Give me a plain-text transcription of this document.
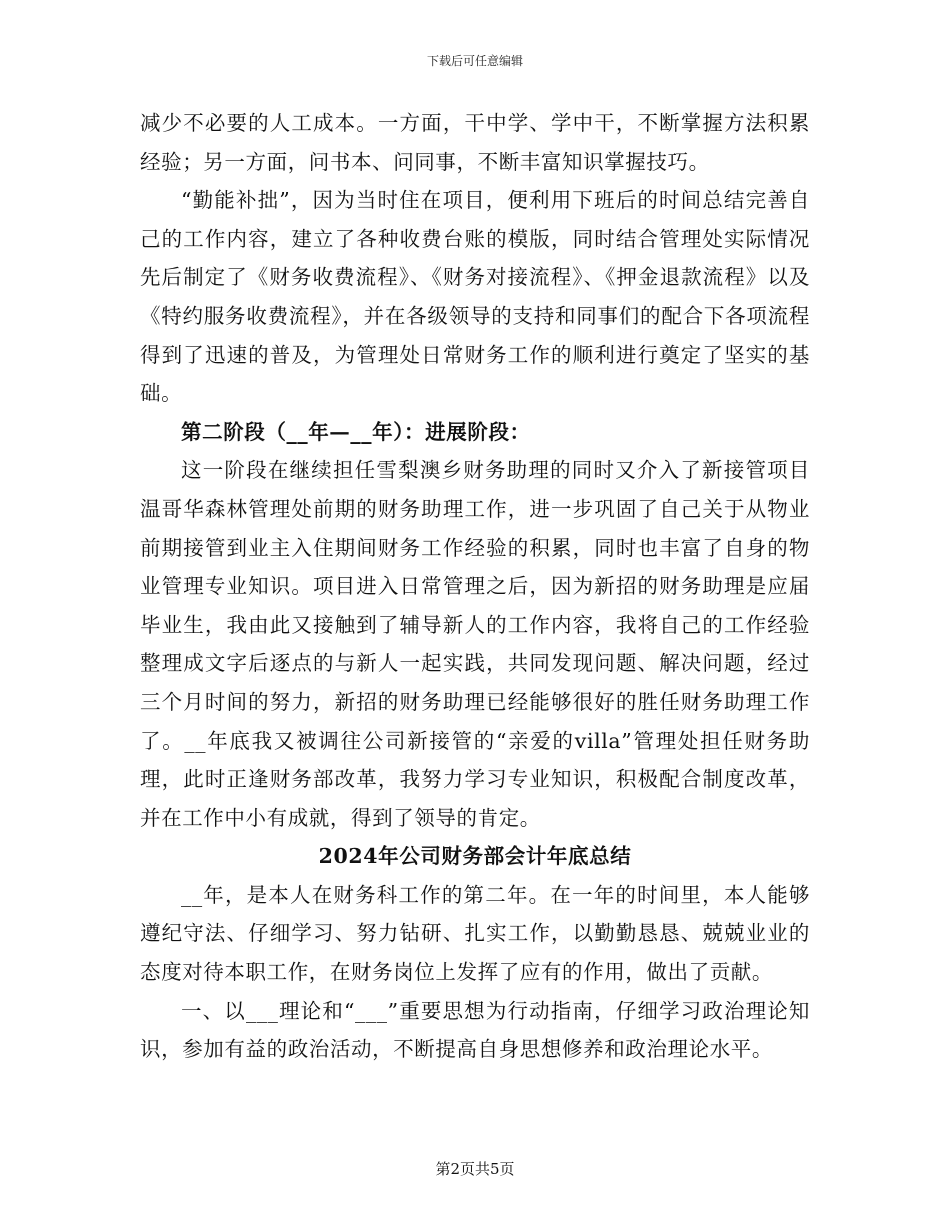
下载后可任意编辑

减少不必要的人工成本。一方面，干中学、学中干，不断掌握方法积累经验；另一方面，问书本、问同事，不断丰富知识掌握技巧。

“勤能补拙”，因为当时住在项目，便利用下班后的时间总结完善自己的工作内容，建立了各种收费台账的模版，同时结合管理处实际情况先后制定了《财务收费流程》、《财务对接流程》、《押金退款流程》以及《特约服务收费流程》，并在各级领导的支持和同事们的配合下各项流程得到了迅速的普及，为管理处日常财务工作的顺利进行奠定了坚实的基础。

第二阶段（__年—__年）：进展阶段：

这一阶段在继续担任雪梨澳乡财务助理的同时又介入了新接管项目温哥华森林管理处前期的财务助理工作，进一步巩固了自己关于从物业前期接管到业主入住期间财务工作经验的积累，同时也丰富了自身的物业管理专业知识。项目进入日常管理之后，因为新招的财务助理是应届毕业生，我由此又接触到了辅导新人的工作内容，我将自己的工作经验整理成文字后逐点的与新人一起实践，共同发现问题、解决问题，经过三个月时间的努力，新招的财务助理已经能够很好的胜任财务助理工作了。__年底我又被调往公司新接管的“亲爱的villa”管理处担任财务助理，此时正逢财务部改革，我努力学习专业知识，积极配合制度改革，并在工作中小有成就，得到了领导的肯定。

2024年公司财务部会计年底总结

__年，是本人在财务科工作的第二年。在一年的时间里，本人能够遵纪守法、仔细学习、努力钻研、扎实工作，以勤勤恳恳、兢兢业业的态度对待本职工作，在财务岗位上发挥了应有的作用，做出了贡献。

一、以___理论和“___”重要思想为行动指南，仔细学习政治理论知识，参加有益的政治活动，不断提高自身思想修养和政治理论水平。

第2页共5页
